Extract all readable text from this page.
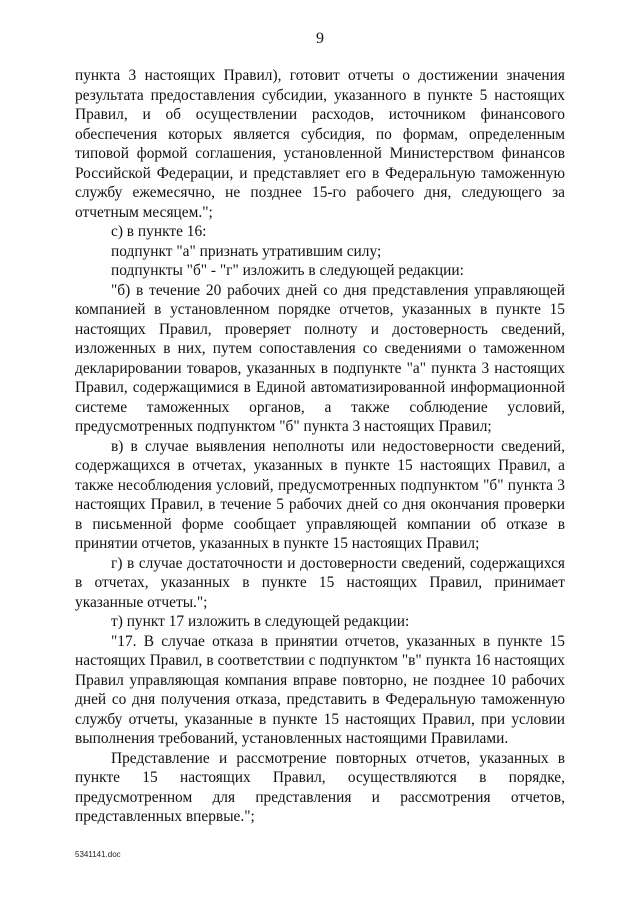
9

пункта 3 настоящих Правил), готовит отчеты о достижении значения результата предоставления субсидии, указанного в пункте 5 настоящих Правил, и об осуществлении расходов, источником финансового обеспечения которых является субсидия, по формам, определенным типовой формой соглашения, установленной Министерством финансов Российской Федерации, и представляет его в Федеральную таможенную службу ежемесячно, не позднее 15-го рабочего дня, следующего за отчетным месяцем.";

с) в пункте 16:

подпункт "а" признать утратившим силу;

подпункты "б" - "г" изложить в следующей редакции:

"б) в течение 20 рабочих дней со дня представления управляющей компанией в установленном порядке отчетов, указанных в пункте 15 настоящих Правил, проверяет полноту и достоверность сведений, изложенных в них, путем сопоставления со сведениями о таможенном декларировании товаров, указанных в подпункте "а" пункта 3 настоящих Правил, содержащимися в Единой автоматизированной информационной системе таможенных органов, а также соблюдение условий, предусмотренных подпунктом "б" пункта 3 настоящих Правил;

в) в случае выявления неполноты или недостоверности сведений, содержащихся в отчетах, указанных в пункте 15 настоящих Правил, а также несоблюдения условий, предусмотренных подпунктом "б" пункта 3 настоящих Правил, в течение 5 рабочих дней со дня окончания проверки в письменной форме сообщает управляющей компании об отказе в принятии отчетов, указанных в пункте 15 настоящих Правил;

г) в случае достаточности и достоверности сведений, содержащихся в отчетах, указанных в пункте 15 настоящих Правил, принимает указанные отчеты.";

т) пункт 17 изложить в следующей редакции:

"17. В случае отказа в принятии отчетов, указанных в пункте 15 настоящих Правил, в соответствии с подпунктом "в" пункта 16 настоящих Правил управляющая компания вправе повторно, не позднее 10 рабочих дней со дня получения отказа, представить в Федеральную таможенную службу отчеты, указанные в пункте 15 настоящих Правил, при условии выполнения требований, установленных настоящими Правилами.

Представление и рассмотрение повторных отчетов, указанных в пункте 15 настоящих Правил, осуществляются в порядке, предусмотренном для представления и рассмотрения отчетов, представленных впервые.";

5341141.doc
